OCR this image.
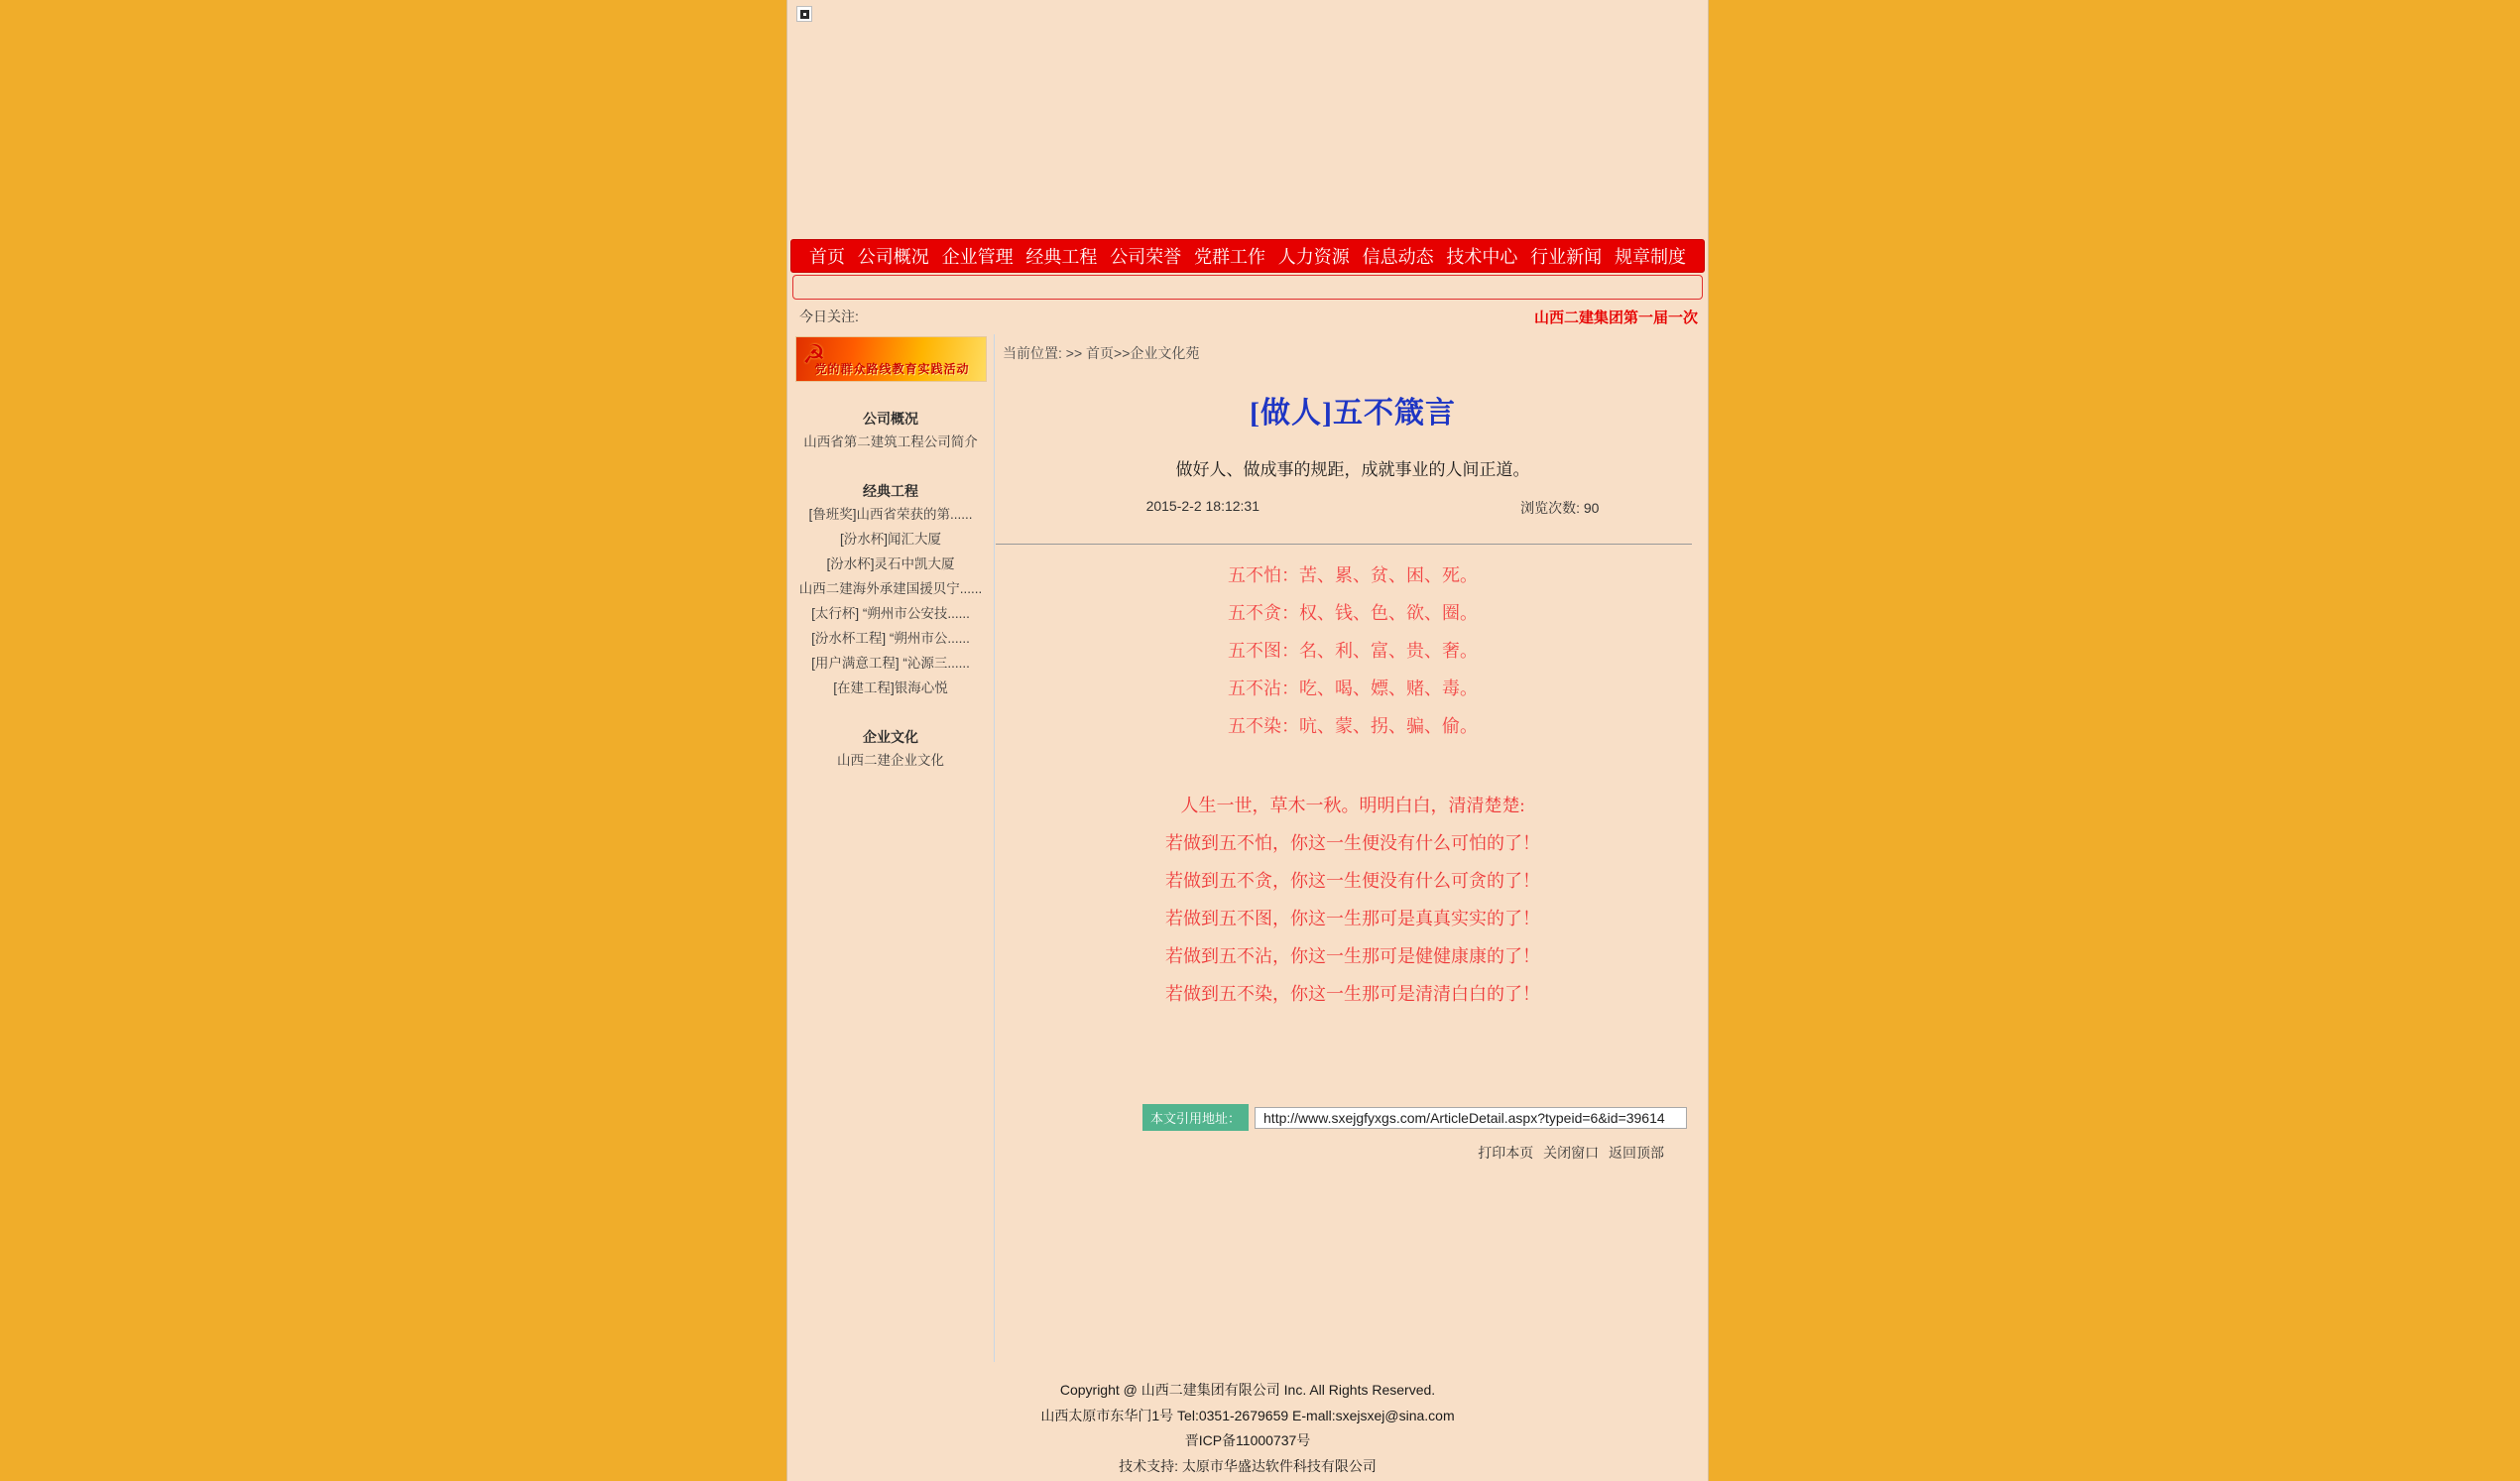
首页 公司概况 企业管理 经典工程 公司荣誉 党群工作 人力资源 信息动态 技术中心 行业新闻 规章制度
今日关注:	山西二建集团第一届一次
☭
党的群众路线教育实践活动
公司概况
山西省第二建筑工程公司简介
经典工程
[鲁班奖]山西省荣获的第......
[汾水杯]闻汇大厦
[汾水杯]灵石中凯大厦
山西二建海外承建国援贝宁......
[太行杯] “朔州市公安技......
[汾水杯工程] “朔州市公......
[用户满意工程] “沁源三......
[在建工程]银海心悦
企业文化
山西二建企业文化
当前位置: >> 首页>>企业文化苑
[做人]五不箴言
做好人、做成事的规距，成就事业的人间正道。
2015-2-2 18:12:31	浏览次数: 90
五不怕：苦、累、贫、困、死。
五不贪：权、钱、色、欲、圈。
五不图：名、利、富、贵、奢。
五不沾：吃、喝、嫖、赌、毒。
五不染：吭、蒙、拐、骗、偷。
人生一世，草木一秋。明明白白，清清楚楚:
若做到五不怕，你这一生便没有什么可怕的了！
若做到五不贪，你这一生便没有什么可贪的了！
若做到五不图，你这一生那可是真真实实的了！
若做到五不沾，你这一生那可是健健康康的了！
若做到五不染，你这一生那可是清清白白的了！
本文引用地址：
http://www.sxejgfyxgs.com/ArticleDetail.aspx?typeid=6&id=39614
打印本页 关闭窗口 返回顶部
Copyright @ 山西二建集团有限公司 Inc. All Rights Reserved.
山西太原市东华门1号 Tel:0351-2679659 E-mall:sxejsxej@sina.com
晋ICP备11000737号
技术支持: 太原市华盛达软件科技有限公司
